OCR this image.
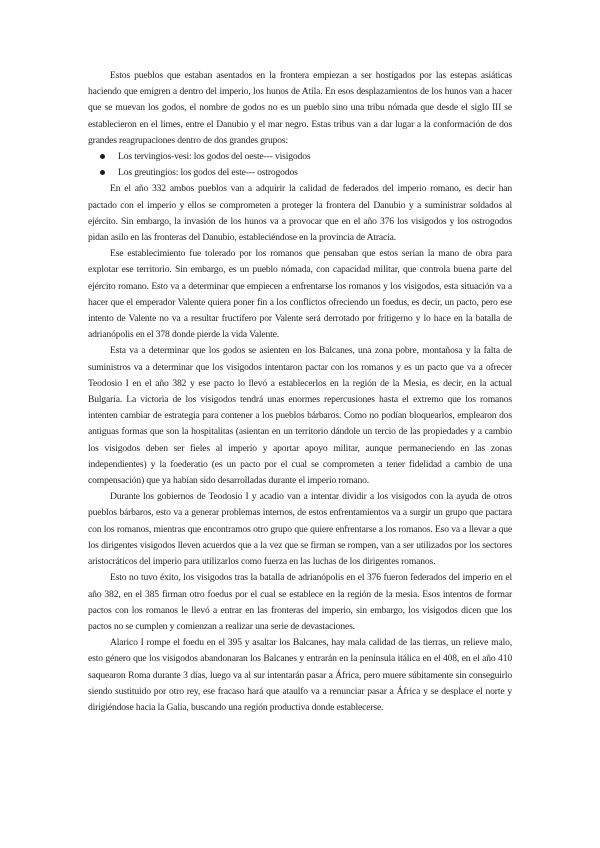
Estos pueblos que estaban asentados en la frontera empiezan a ser hostigados por las estepas asiáticas haciendo que emigren a dentro del imperio, los hunos de Atila. En esos desplazamientos de los hunos van a hacer que se muevan los godos, el nombre de godos no es un pueblo sino una tribu nómada que desde el siglo III se establecieron en el limes, entre el Danubio y el mar negro. Estas tribus van a dar lugar a la conformación de dos grandes reagrupaciones dentro de dos grandes grupos:

Los tervingios-vesi: los godos del oeste--- visigodos
Los greutingios: los godos del este--- ostrogodos

En el año 332 ambos pueblos van a adquirir la calidad de federados del imperio romano, es decir han pactado con el imperio y ellos se comprometen a proteger la frontera del Danubio y a suministrar soldados al ejército. Sin embargo, la invasión de los hunos va a provocar que en el año 376 los visigodos y los ostrogodos pidan asilo en las fronteras del Danubio, estableciéndose en la provincia de Atracia.

Ese establecimiento fue tolerado por los romanos que pensaban que estos serían la mano de obra para explotar ese territorio. Sin embargo, es un pueblo nómada, con capacidad militar, que controla buena parte del ejército romano. Esto va a determinar que empiecen a enfrentarse los romanos y los visigodos, esta situación va a hacer que el emperador Valente quiera poner fin a los conflictos ofreciendo un foedus, es decir, un pacto, pero ese intento de Valente no va a resultar fructífero por Valente será derrotado por fritigerno y lo hace en la batalla de adrianópolis en el 378 donde pierde la vida Valente.

Esta va a determinar que los godos se asienten en los Balcanes, una zona pobre, montañosa y la falta de suministros va a determinar que los visigodos intentaron pactar con los romanos y es un pacto que va a ofrecer Teodosio I en el año 382 y ese pacto lo llevó a establecerlos en la región de la Mesia, es decir, en la actual Bulgaria. La victoria de los visigodos tendrá unas enormes repercusiones hasta el extremo que los romanos intenten cambiar de estrategia para contener a los pueblos bárbaros. Como no podían bloquearlos, emplearon dos antiguas formas que son la hospitalitas (asientan en un territorio dándole un tercio de las propiedades y a cambio los visigodos deben ser fieles al imperio y aportar apoyo militar, aunque permaneciendo en las zonas independientes) y la foederatio (es un pacto por el cual se comprometen a tener fidelidad a cambio de una compensación) que ya habían sido desarrolladas durante el imperio romano.

Durante los gobiernos de Teodosio I y acadio van a intentar dividir a los visigodos con la ayuda de otros pueblos bárbaros, esto va a generar problemas internos, de estos enfrentamientos va a surgir un grupo que pactara con los romanos, mientras que encontramos otro grupo que quiere enfrentarse a los romanos. Eso va a llevar a que los dirigentes visigodos lleven acuerdos que a la vez que se firman se rompen, van a ser utilizados por los sectores aristocráticos del imperio para utilizarlos como fuerza en las luchas de los dirigentes romanos.

Esto no tuvo éxito, los visigodos tras la batalla de adrianópolis en el 376 fueron federados del imperio en el año 382, en el 385 firman otro foedus por el cual se establece en la región de la mesia. Esos intentos de formar pactos con los romanos le llevó a entrar en las fronteras del imperio, sin embargo, los visigodos dicen que los pactos no se cumplen y comienzan a realizar una serie de devastaciones.

Alarico I rompe el foedu en el 395 y asaltar los Balcanes, hay mala calidad de las tierras, un relieve malo, esto género que los visigodos abandonaran los Balcanes y entrarán en la península itálica en el 408, en el año 410 saquearon Roma durante 3 días, luego va al sur intentarán pasar a África, pero muere súbitamente sin conseguirlo siendo sustituido por otro rey, ese fracaso hará que ataulfo va a renunciar pasar a África y se desplace el norte y dirigiéndose hacia la Galia, buscando una región productiva donde establecerse.
